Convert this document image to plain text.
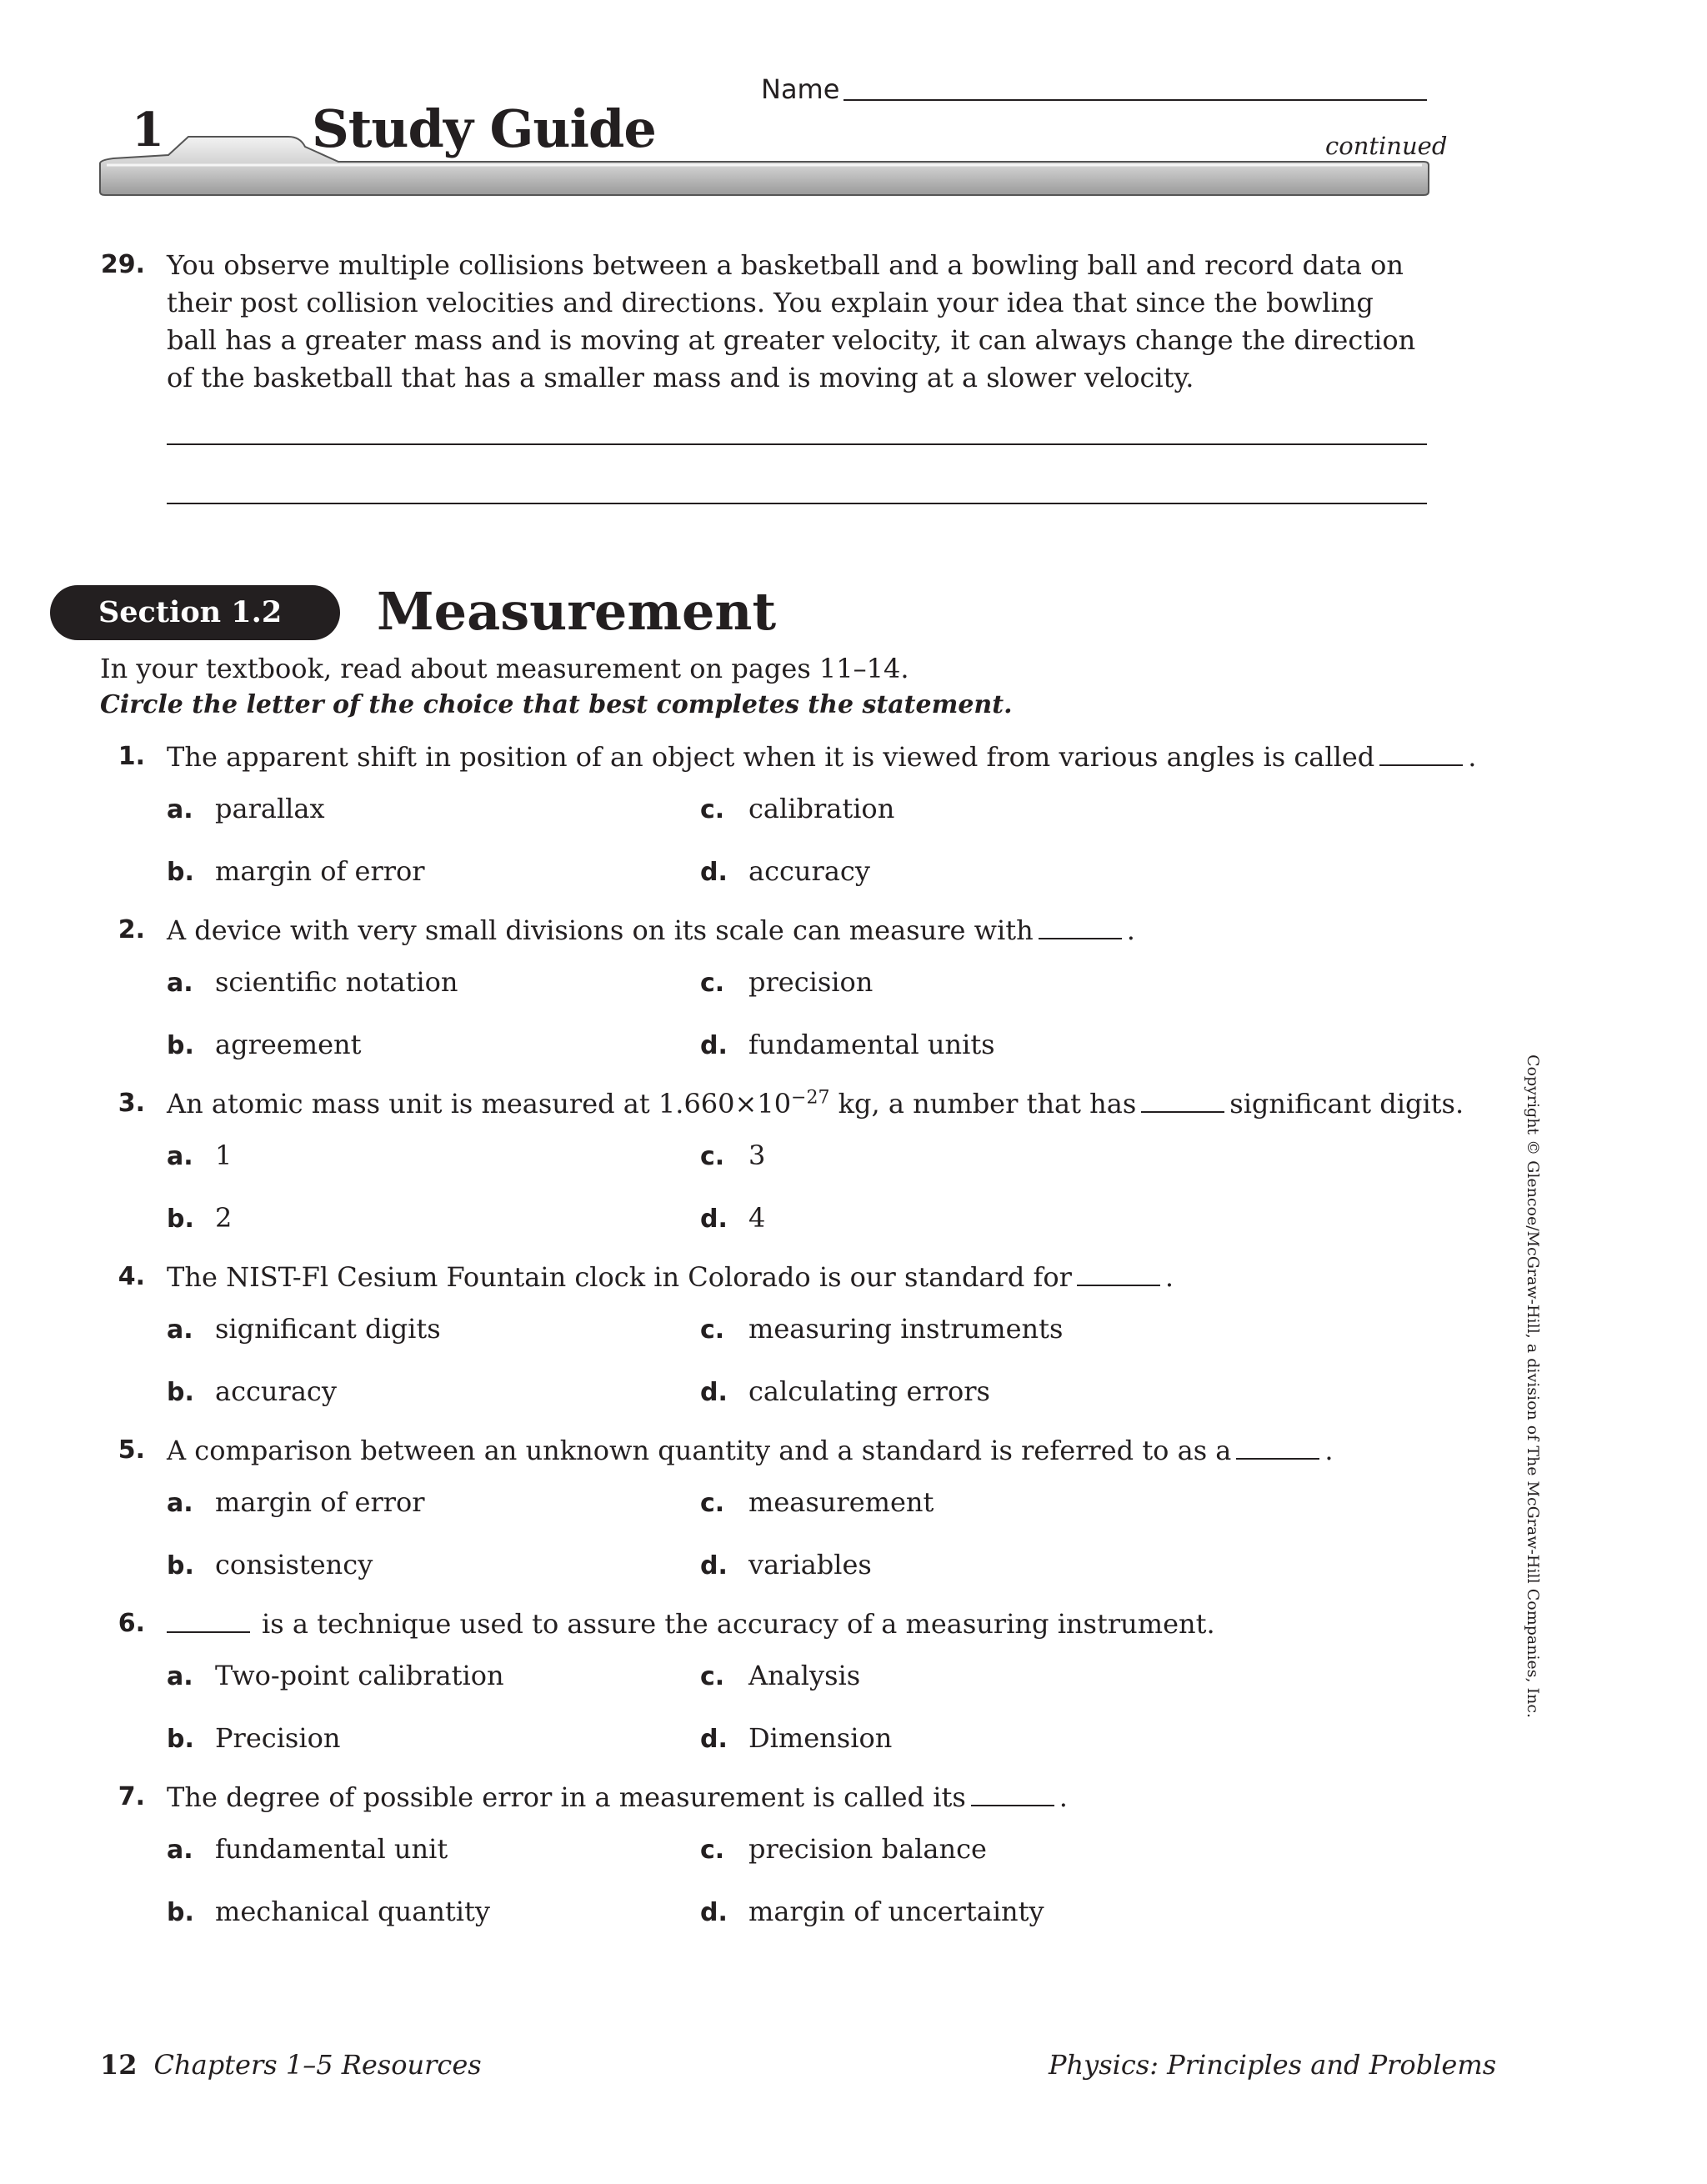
Name
1	Study Guide	continued
29. You observe multiple collisions between a basketball and a bowling ball and record data on their post collision velocities and directions. You explain your idea that since the bowling ball has a greater mass and is moving at greater velocity, it can always change the direction of the basketball that has a smaller mass and is moving at a slower velocity.
Section 1.2	Measurement
In your textbook, read about measurement on pages 11–14.
Circle the letter of the choice that best completes the statement.
1. The apparent shift in position of an object when it is viewed from various angles is called	.
a. parallax
b. margin of error
c. calibration
d. accuracy
2. A device with very small divisions on its scale can measure with	.
a. scientific notation
b. agreement
c. precision
d. fundamental units
3. An atomic mass unit is measured at $1.660\times 10^{-27}$ kg, a number that has	significant digits.
a. 1
b. 2
c. 3
d. 4
4. The NIST-Fl Cesium Fountain clock in Colorado is our standard for	.
a. significant digits
b. accuracy
c. measuring instruments
d. calculating errors
5. A comparison between an unknown quantity and a standard is referred to as a	.
a. margin of error
b. consistency
c. measurement
d. variables
6.	is a technique used to assure the accuracy of a measuring instrument.
a. Two-point calibration
b. Precision
c. Analysis
d. Dimension
7. The degree of possible error in a measurement is called its	.
a. fundamental unit
b. mechanical quantity
c. precision balance
d. margin of uncertainty
Copyright © Glencoe/McGraw-Hill, a division of The McGraw-Hill Companies, Inc.
12 Chapters 1–5 Resources	Physics: Principles and Problems
